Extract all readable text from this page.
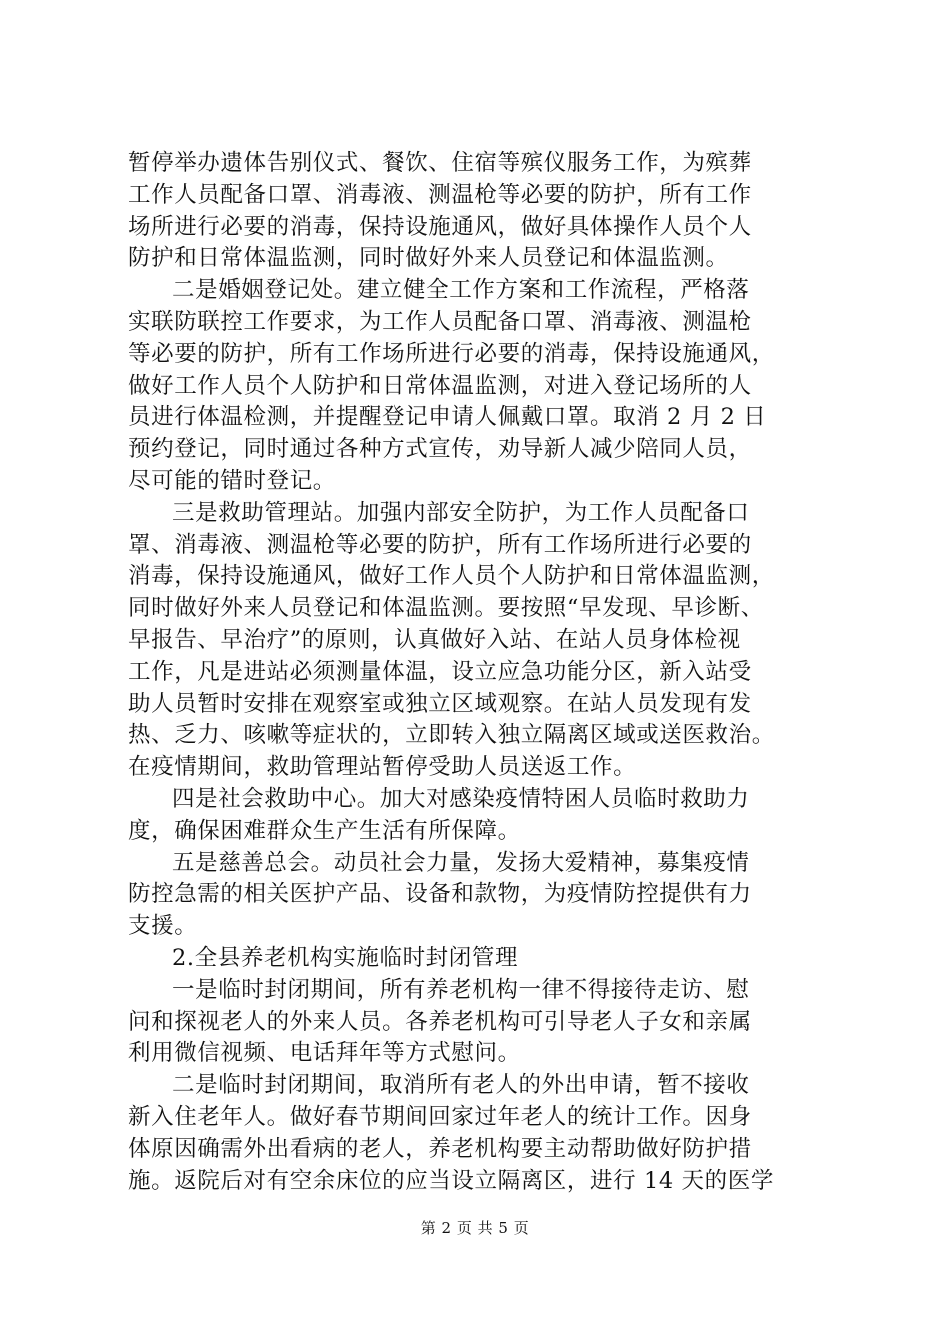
暂停举办遗体告别仪式、餐饮、住宿等殡仪服务工作，为殡葬
工作人员配备口罩、消毒液、测温枪等必要的防护，所有工作
场所进行必要的消毒，保持设施通风，做好具体操作人员个人
防护和日常体温监测，同时做好外来人员登记和体温监测。
二是婚姻登记处。建立健全工作方案和工作流程，严格落
实联防联控工作要求，为工作人员配备口罩、消毒液、测温枪
等必要的防护，所有工作场所进行必要的消毒，保持设施通风，
做好工作人员个人防护和日常体温监测，对进入登记场所的人
员进行体温检测，并提醒登记申请人佩戴口罩。取消 2 月 2 日
预约登记，同时通过各种方式宣传，劝导新人减少陪同人员，
尽可能的错时登记。
三是救助管理站。加强内部安全防护，为工作人员配备口
罩、消毒液、测温枪等必要的防护，所有工作场所进行必要的
消毒，保持设施通风，做好工作人员个人防护和日常体温监测，
同时做好外来人员登记和体温监测。要按照“早发现、早诊断、
早报告、早治疗”的原则，认真做好入站、在站人员身体检视
工作，凡是进站必须测量体温，设立应急功能分区，新入站受
助人员暂时安排在观察室或独立区域观察。在站人员发现有发
热、乏力、咳嗽等症状的，立即转入独立隔离区域或送医救治。
在疫情期间，救助管理站暂停受助人员送返工作。
四是社会救助中心。加大对感染疫情特困人员临时救助力
度，确保困难群众生产生活有所保障。
五是慈善总会。动员社会力量，发扬大爱精神，募集疫情
防控急需的相关医护产品、设备和款物，为疫情防控提供有力
支援。
2.全县养老机构实施临时封闭管理
一是临时封闭期间，所有养老机构一律不得接待走访、慰
问和探视老人的外来人员。各养老机构可引导老人子女和亲属
利用微信视频、电话拜年等方式慰问。
二是临时封闭期间，取消所有老人的外出申请，暂不接收
新入住老年人。做好春节期间回家过年老人的统计工作。因身
体原因确需外出看病的老人，养老机构要主动帮助做好防护措
施。返院后对有空余床位的应当设立隔离区，进行 14 天的医学
第 2 页 共 5 页
